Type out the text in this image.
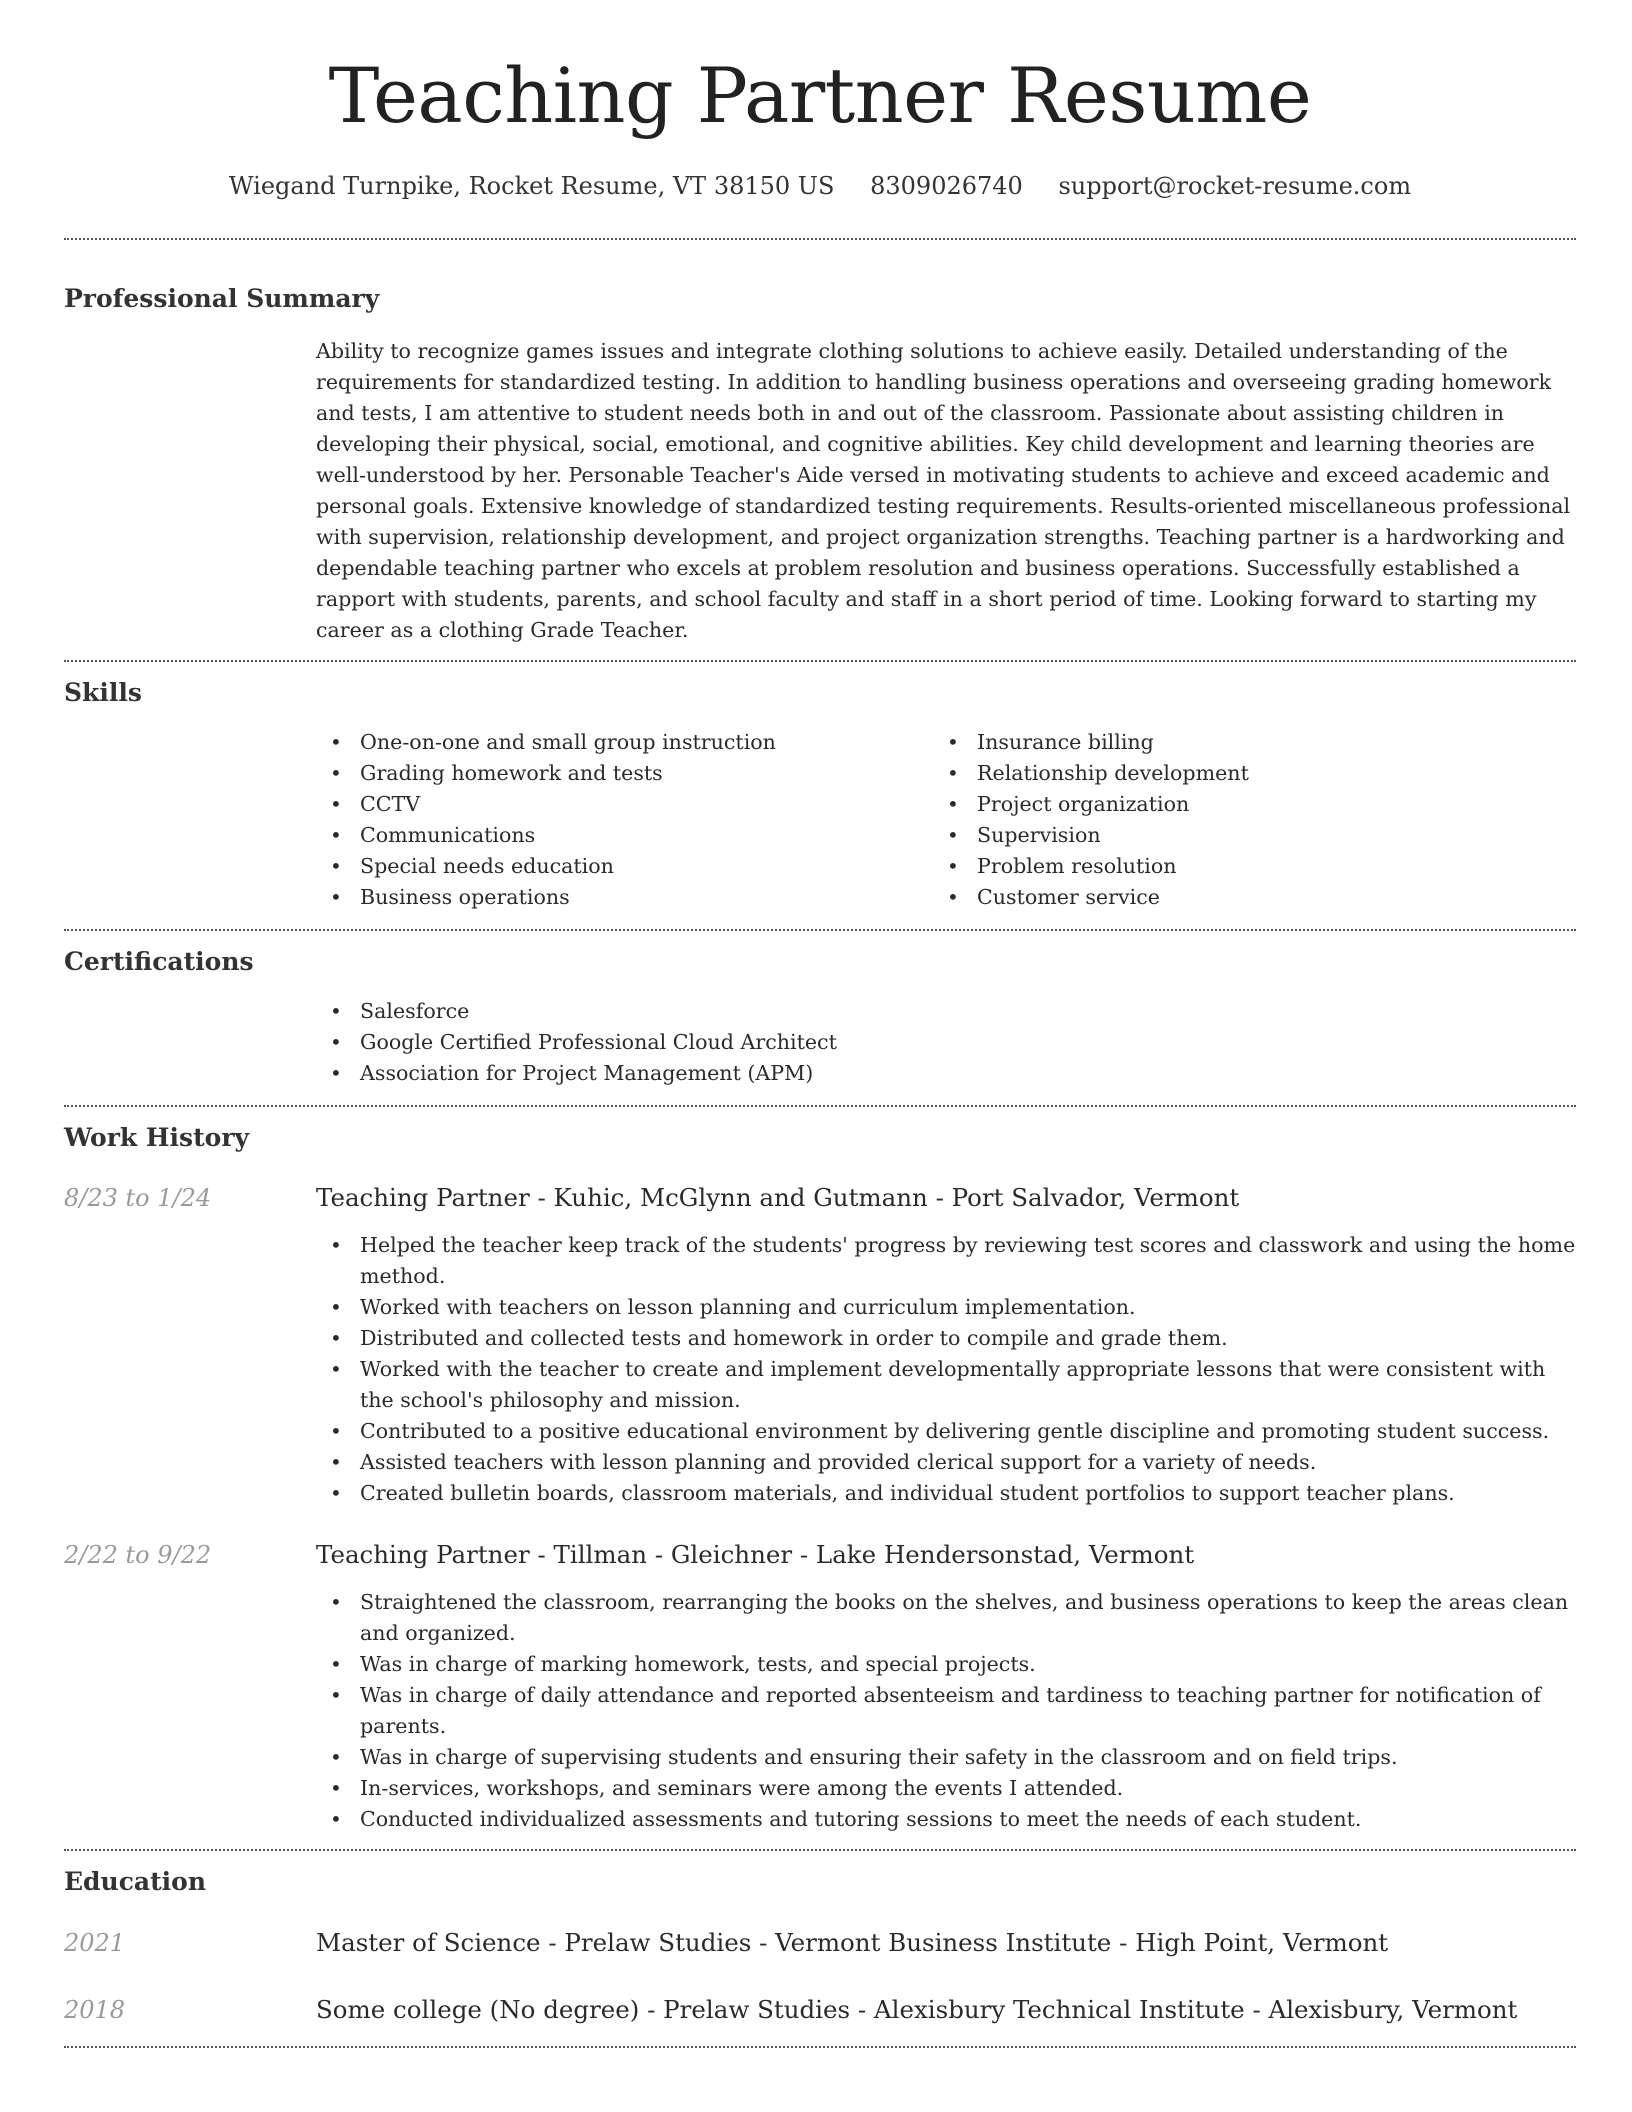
Teaching Partner Resume
Wiegand Turnpike, Rocket Resume, VT 38150 US 8309026740 support@rocket-resume.com
Professional Summary

Ability to recognize games issues and integrate clothing solutions to achieve easily. Detailed understanding of the requirements for standardized testing. In addition to handling business operations and overseeing grading homework and tests, I am attentive to student needs both in and out of the classroom. Passionate about assisting children in developing their physical, social, emotional, and cognitive abilities. Key child development and learning theories are well-understood by her. Personable Teacher's Aide versed in motivating students to achieve and exceed academic and personal goals. Extensive knowledge of standardized testing requirements. Results-oriented miscellaneous professional with supervision, relationship development, and project organization strengths. Teaching partner is a hardworking and dependable teaching partner who excels at problem resolution and business operations. Successfully established a rapport with students, parents, and school faculty and staff in a short period of time. Looking forward to starting my career as a clothing Grade Teacher.

Skills
• One-on-one and small group instruction
• Grading homework and tests
• CCTV
• Communications
• Special needs education
• Business operations
• Insurance billing
• Relationship development
• Project organization
• Supervision
• Problem resolution
• Customer service
Certifications
• Salesforce
• Google Certified Professional Cloud Architect
• Association for Project Management (APM)
Work History
8/23 to 1/24	Teaching Partner - Kuhic, McGlynn and Gutmann - Port Salvador, Vermont
• Helped the teacher keep track of the students' progress by reviewing test scores and classwork and using the home method.
• Worked with teachers on lesson planning and curriculum implementation.
• Distributed and collected tests and homework in order to compile and grade them.
• Worked with the teacher to create and implement developmentally appropriate lessons that were consistent with the school's philosophy and mission.
• Contributed to a positive educational environment by delivering gentle discipline and promoting student success.
• Assisted teachers with lesson planning and provided clerical support for a variety of needs.
• Created bulletin boards, classroom materials, and individual student portfolios to support teacher plans.
2/22 to 9/22	Teaching Partner - Tillman - Gleichner - Lake Hendersonstad, Vermont
• Straightened the classroom, rearranging the books on the shelves, and business operations to keep the areas clean and organized.
• Was in charge of marking homework, tests, and special projects.
• Was in charge of daily attendance and reported absenteeism and tardiness to teaching partner for notification of parents.
• Was in charge of supervising students and ensuring their safety in the classroom and on field trips.
• In-services, workshops, and seminars were among the events I attended.
• Conducted individualized assessments and tutoring sessions to meet the needs of each student.
Education
2021	Master of Science - Prelaw Studies - Vermont Business Institute - High Point, Vermont
2018	Some college (No degree) - Prelaw Studies - Alexisbury Technical Institute - Alexisbury, Vermont
